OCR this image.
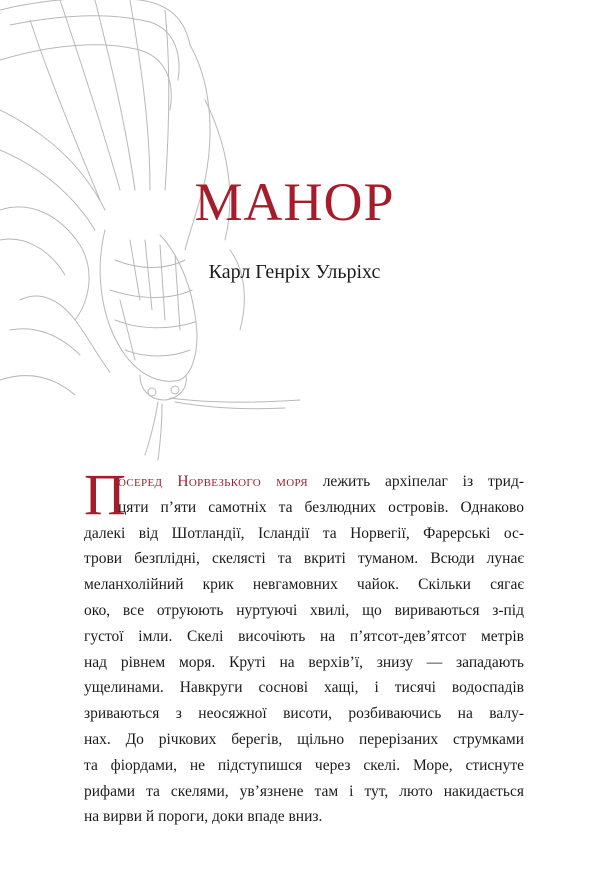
МАНОР

Карл Генріх Ульріхс

П
осеред Норвезького моря лежить архіпелаг із трид-
цяти п’яти самотніх та безлюдних островів. Однаково
далекі від Шотландії, Ісландії та Норвегії, Фарерські ос-
трови безплідні, скелясті та вкриті туманом. Всюди лунає
меланхолійний крик невгамовних чайок. Скільки сягає
око, все отруюють нуртуючі хвилі, що вириваються з-під
густої імли. Скелі височіють на п’ятсот-дев’ятсот метрів
над рівнем моря. Круті на верхів’ї, знизу — западають
ущелинами. Навкруги соснові хащі, і тисячі водоспадів
зриваються з неосяжної висоти, розбиваючись на валу-
нах. До річкових берегів, щільно перерізаних струмками
та фіордами, не підступишся через скелі. Море, стиснуте
рифами та скелями, ув’язнене там і тут, люто накидається
на вирви й пороги, доки впаде вниз.
